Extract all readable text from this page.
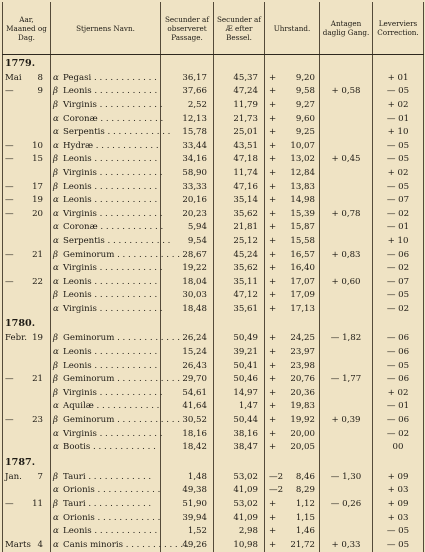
Aar, Maaned og Dag.	Stjernens Navn.	Secunder af observeret Passage.	Secunder af Æ efter Bessel.	Uhrstand.	Antagen daglig Gang.	Leverviers Correction.
1779.						
Mai 8	α Pegasi . . . . . . . . . . . .	36,17	45,37	+ 9,20		+ 01
— 9	β Leonis . . . . . . . . . . . .	37,66	47,24	+ 9,58	+ 0,58	— 05
	β Virginis . . . . . . . . . . . .	2,52	11,79	+ 9,27		+ 02
	α Coronæ . . . . . . . . . . . .	12,13	21,73	+ 9,60		— 01
	α Serpentis . . . . . . . . . . . .	15,78	25,01	+ 9,25		+ 10
— 10	α Hydræ . . . . . . . . . . . .	33,44	43,51	+ 10,07		— 05
— 15	β Leonis . . . . . . . . . . . .	34,16	47,18	+ 13,02	+ 0,45	— 05
	β Virginis . . . . . . . . . . . .	58,90	11,74	+ 12,84		+ 02
— 17	β Leonis . . . . . . . . . . . .	33,33	47,16	+ 13,83		— 05
— 19	α Leonis . . . . . . . . . . . .	20,16	35,14	+ 14,98		— 07
— 20	α Virginis . . . . . . . . . . . .	20,23	35,62	+ 15,39	+ 0,78	— 02
	α Coronæ . . . . . . . . . . . .	5,94	21,81	+ 15,87		— 01
	α Serpentis . . . . . . . . . . . .	9,54	25,12	+ 15,58		+ 10
— 21	β Geminorum . . . . . . . . . . . .	28,67	45,24	+ 16,57	+ 0,83	— 06
	α Virginis . . . . . . . . . . . .	19,22	35,62	+ 16,40		— 02
— 22	α Leonis . . . . . . . . . . . .	18,04	35,11	+ 17,07	+ 0,60	— 07
	β Leonis . . . . . . . . . . . .	30,03	47,12	+ 17,09		— 05
	α Virginis . . . . . . . . . . . .	18,48	35,61	+ 17,13		— 02
1780.						
Febr. 19	β Geminorum . . . . . . . . . . . .	26,24	50,49	+ 24,25	— 1,82	— 06
	α Leonis . . . . . . . . . . . .	15,24	39,21	+ 23,97		— 06
	β Leonis . . . . . . . . . . . .	26,43	50,41	+ 23,98		— 05
— 21	β Geminorum . . . . . . . . . . . .	29,70	50,46	+ 20,76	— 1,77	— 06
	β Virginis . . . . . . . . . . . .	54,61	14,97	+ 20,36		+ 02
	α Aquilæ . . . . . . . . . . . .	41,64	1,47	+ 19,83		— 01
— 23	β Geminorum . . . . . . . . . . . .	30,52	50,44	+ 19,92	+ 0,39	— 06
	α Virginis . . . . . . . . . . . .	18,16	38,16	+ 20,00		— 02
	α Bootis . . . . . . . . . . . .	18,42	38,47	+ 20,05		00
1787.						
Jan. 7	β Tauri . . . . . . . . . . . .	1,48	53,02	—2 8,46	— 1,30	+ 09
	α Orionis . . . . . . . . . . . .	49,38	41,09	—2 8,29		+ 03
— 11	β Tauri . . . . . . . . . . . .	51,90	53,02	+ 1,12	— 0,26	+ 09
	α Orionis . . . . . . . . . . . .	39,94	41,09	+ 1,15		+ 03
	α Leonis . . . . . . . . . . . .	1,52	2,98	+ 1,46		— 05
Marts 4	α Canis minoris . . . . . . . . . . . .	49,26	10,98	+ 21,72	+ 0,33	— 05
